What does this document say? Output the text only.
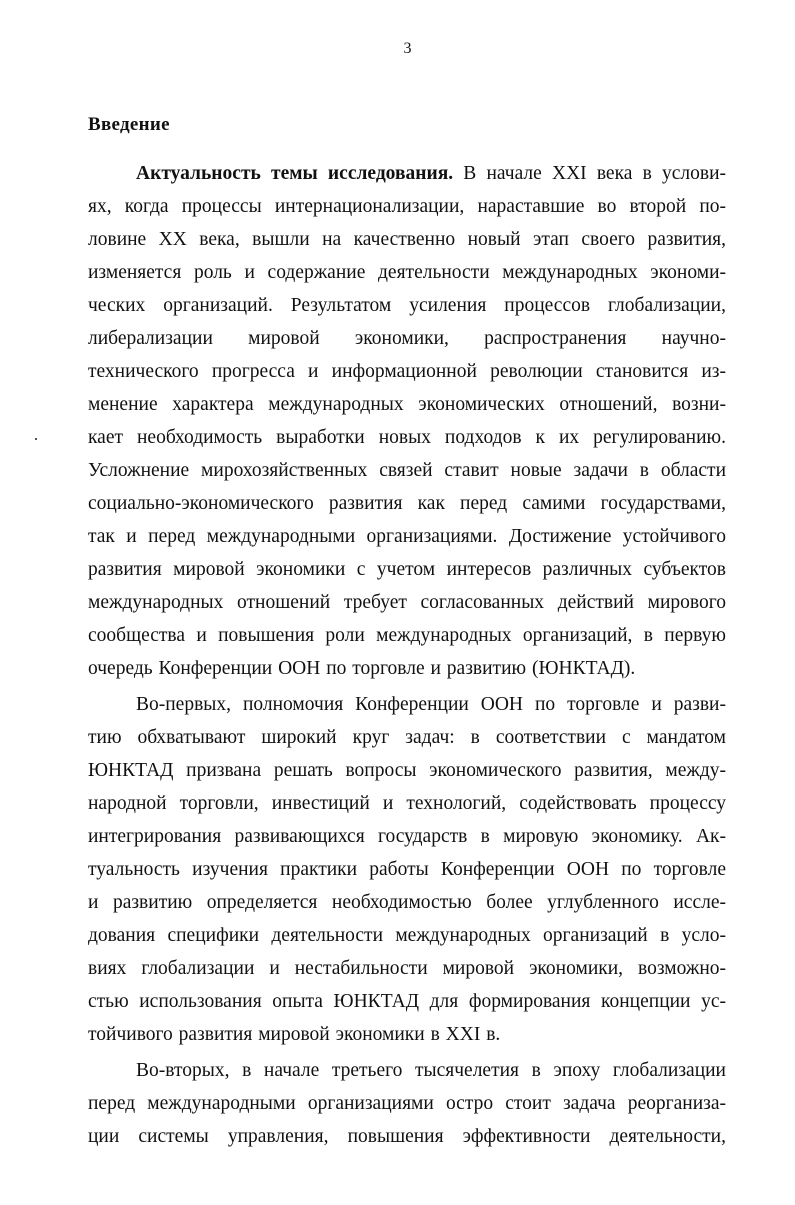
3
Введение
Актуальность темы исследования. В начале XXI века в услови-
ях, когда процессы интернационализации, нараставшие во второй по-
ловине XX века, вышли на качественно новый этап своего развития,
изменяется роль и содержание деятельности международных экономи-
ческих организаций. Результатом усиления процессов глобализации,
либерализации мировой экономики, распространения научно-
технического прогресса и информационной революции становится из-
менение характера международных экономических отношений, возни-
кает необходимость выработки новых подходов к их регулированию.
Усложнение мирохозяйственных связей ставит новые задачи в области
социально-экономического развития как перед самими государствами,
так и перед международными организациями. Достижение устойчивого
развития мировой экономики с учетом интересов различных субъектов
международных отношений требует согласованных действий мирового
сообщества и повышения роли международных организаций, в первую
очередь Конференции ООН по торговле и развитию (ЮНКТАД).
Во-первых, полномочия Конференции ООН по торговле и разви-
тию обхватывают широкий круг задач: в соответствии с мандатом
ЮНКТАД призвана решать вопросы экономического развития, между-
народной торговли, инвестиций и технологий, содействовать процессу
интегрирования развивающихся государств в мировую экономику. Ак-
туальность изучения практики работы Конференции ООН по торговле
и развитию определяется необходимостью более углубленного иссле-
дования специфики деятельности международных организаций в усло-
виях глобализации и нестабильности мировой экономики, возможно-
стью использования опыта ЮНКТАД для формирования концепции ус-
тойчивого развития мировой экономики в XXI в.
Во-вторых, в начале третьего тысячелетия в эпоху глобализации
перед международными организациями остро стоит задача реорганиза-
ции системы управления, повышения эффективности деятельности,
